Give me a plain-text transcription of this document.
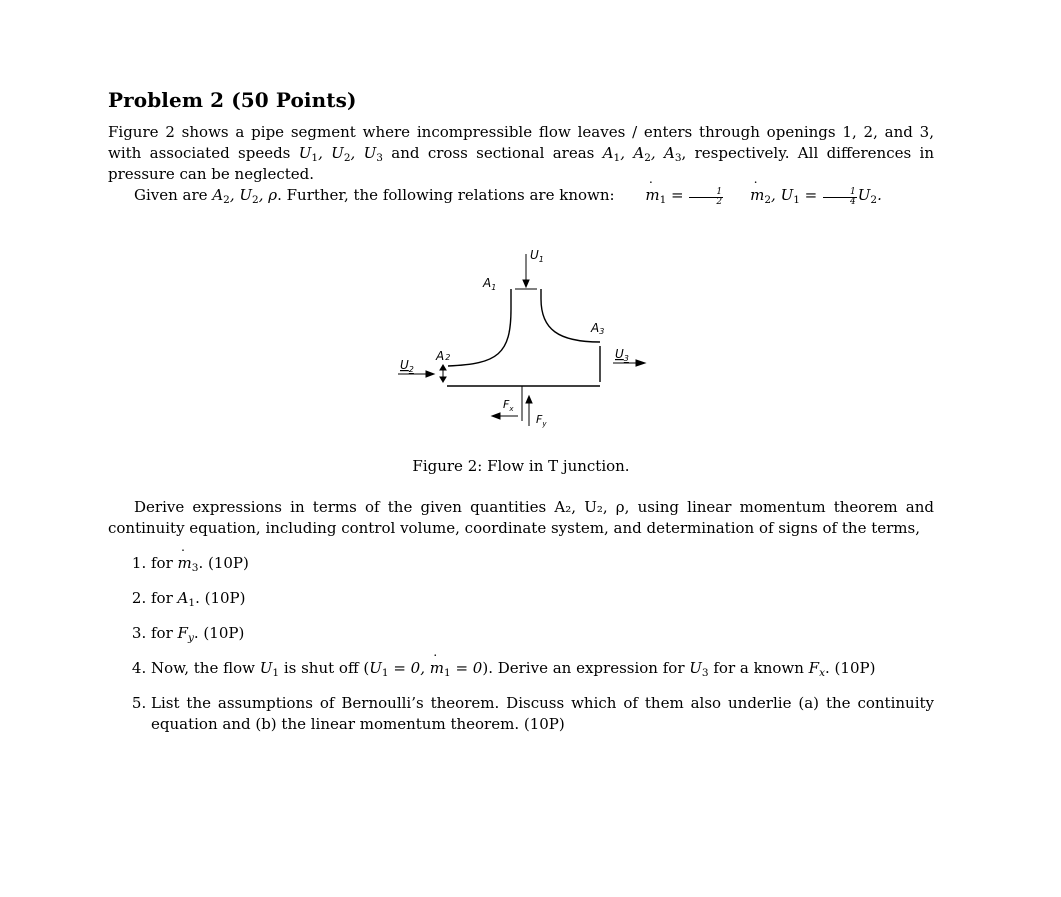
Problem 2 (50 Points)

Figure 2 shows a pipe segment where incompressible flow leaves / enters through openings 1, 2, and 3, with associated speeds $U_1$, $U_2$, $U_3$ and cross sectional areas $A_1$, $A_2$, $A_3$, respectively. All differences in pressure can be neglected.

Given are $A_2$, $U_2$, ρ. Further, the following relations are known: ˙ $m_1 = \frac{1}{2}$
˙ $m_2$, $U_1 = \frac{1}{4} U_2$.

$U_1$
$A_1$
A3
A2
$U_2$
$U_3$
$F_x$
$F_y$
Figure 2: Flow in T junction.

Derive expressions in terms of the given quantities A₂, U₂, ρ, using linear momentum theorem and continuity equation, including control volume, coordinate system, and determination of signs of the terms,

1. for ˙ $m_3$. (10P)
2. for $A_1$. (10P)
3. for $F_y$. (10P)
4. Now, the flow $U_1$ is shut off ($U_1 = 0$, ˙ $m_1 = 0$). Derive an expression for $U_3$ for a known $F_x$. (10P)
5. List the assumptions of Bernoulli’s theorem. Discuss which of them also underlie (a) the continuity equation and (b) the linear momentum theorem. (10P)
